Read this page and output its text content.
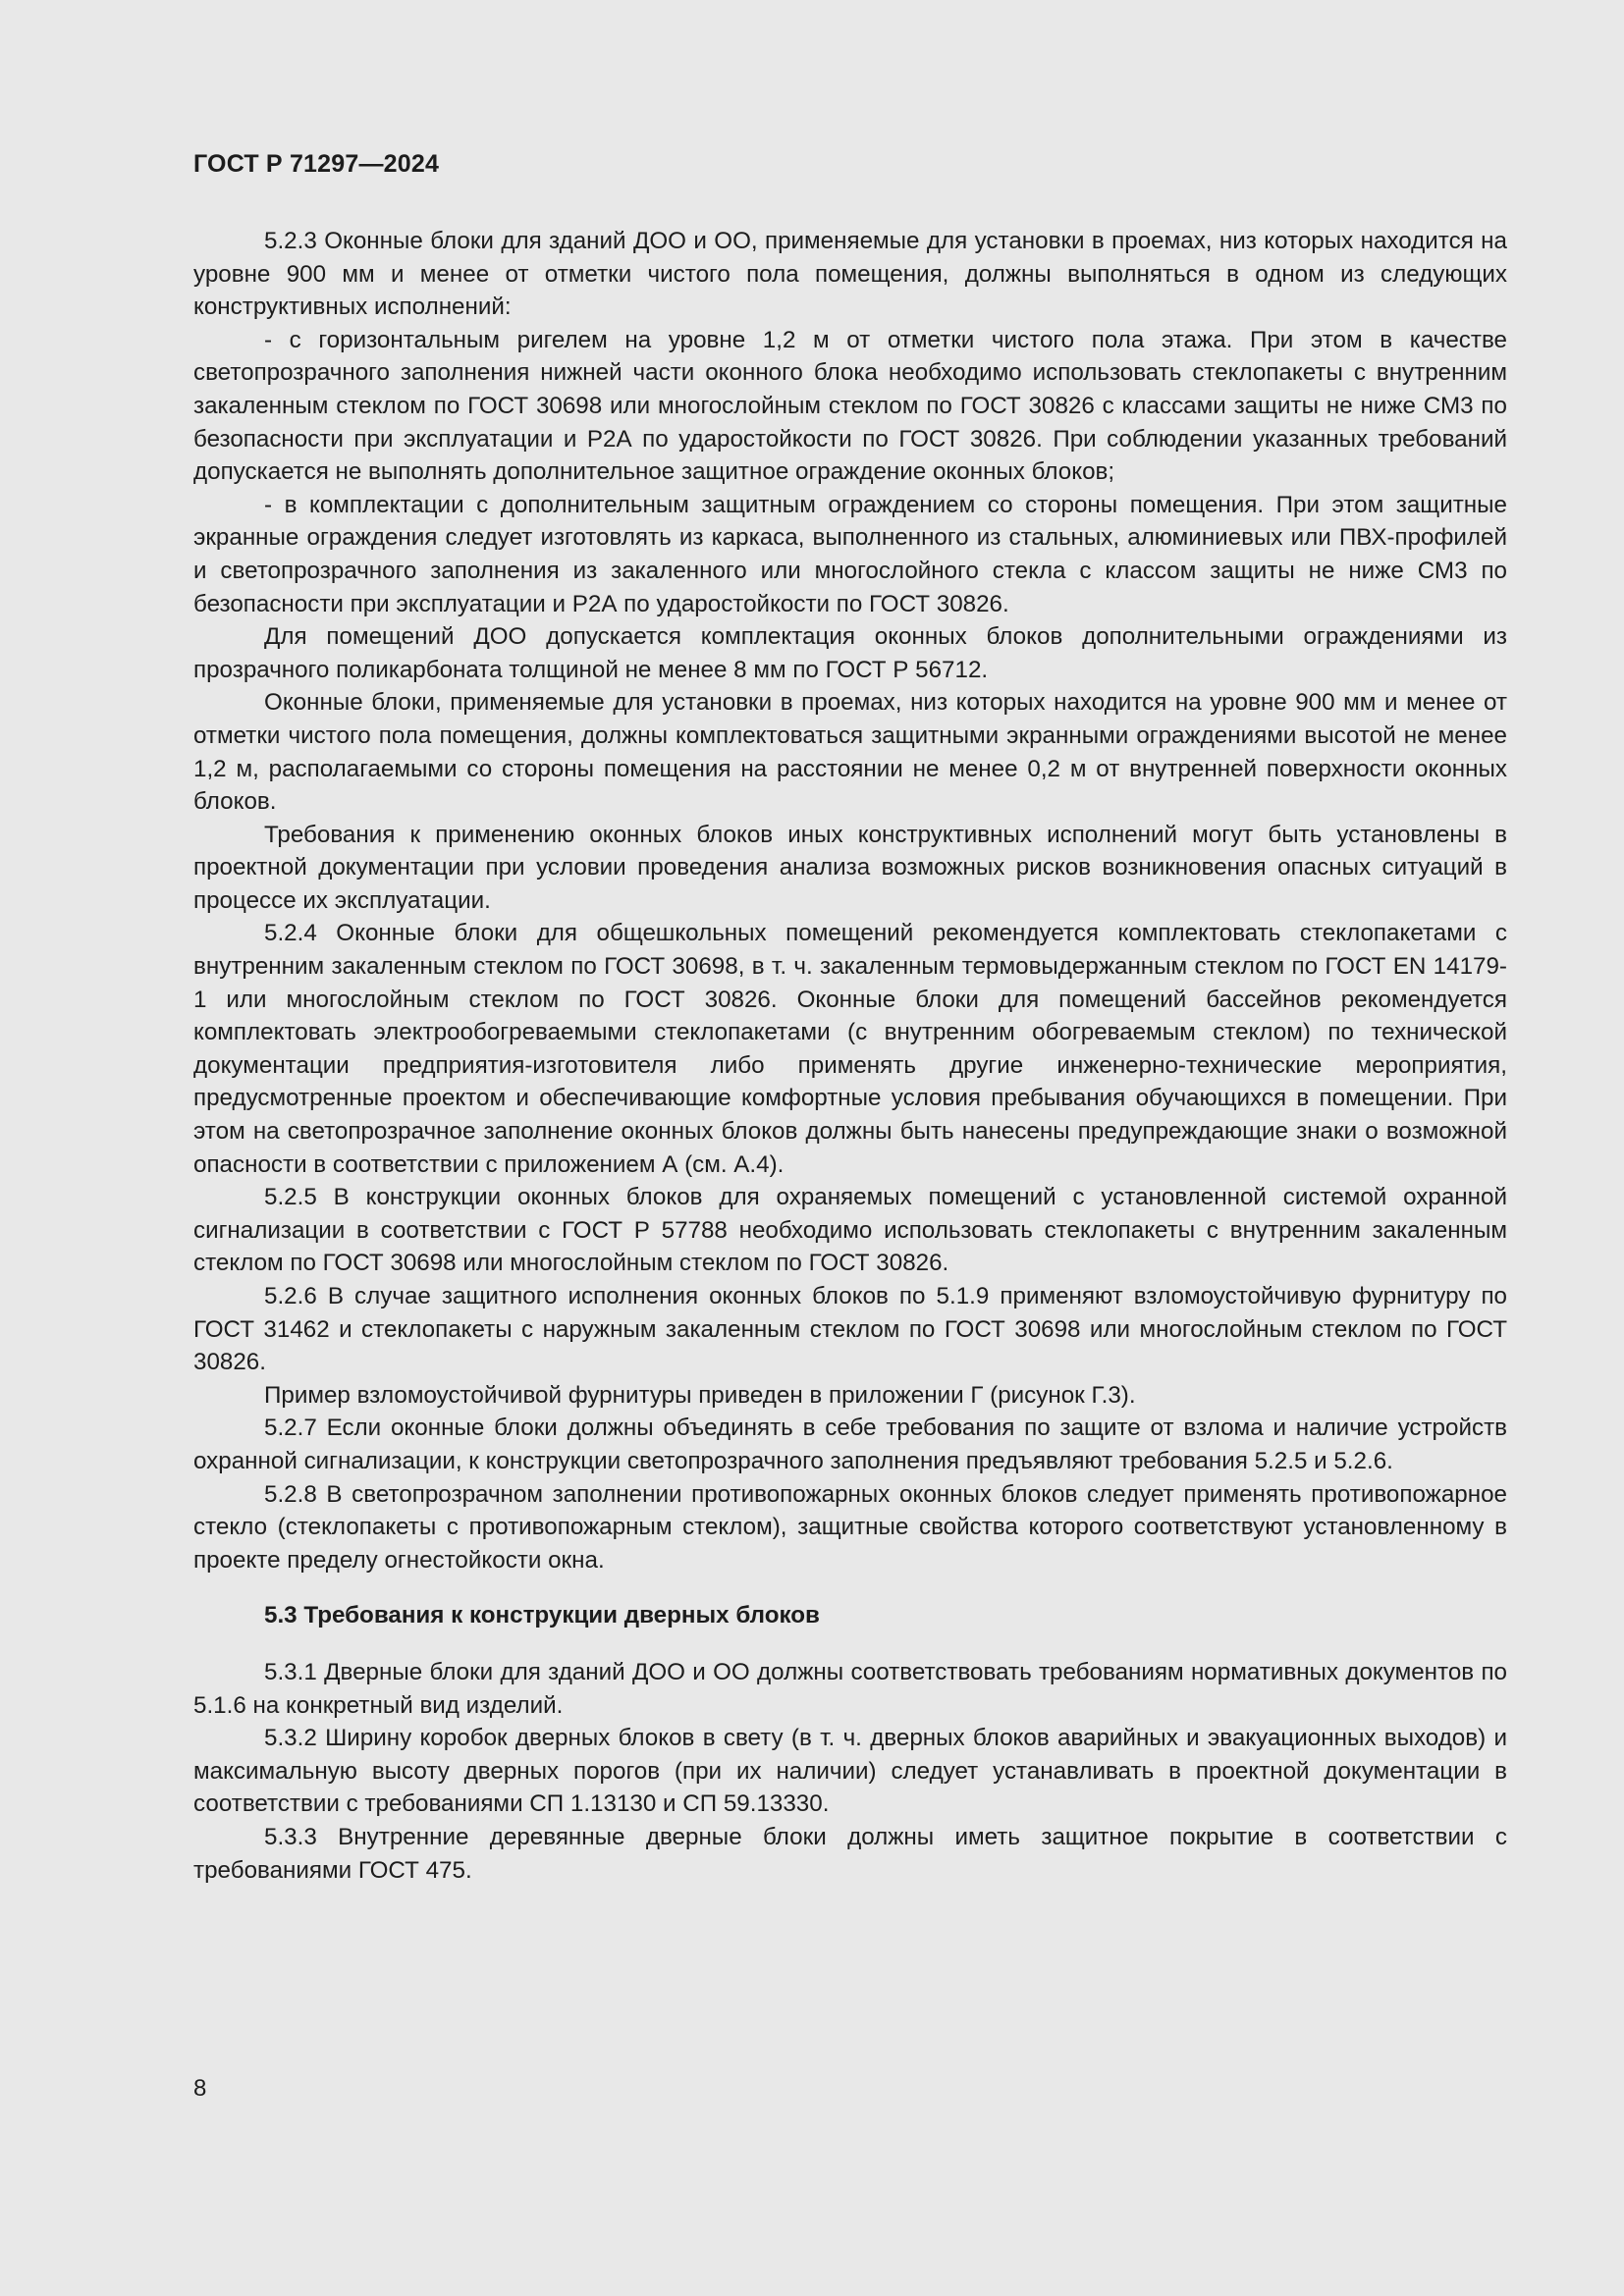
ГОСТ Р 71297—2024

5.2.3 Оконные блоки для зданий ДОО и ОО, применяемые для установки в проемах, низ которых находится на уровне 900 мм и менее от отметки чистого пола помещения, должны выполняться в одном из следующих конструктивных исполнений:

- с горизонтальным ригелем на уровне 1,2 м от отметки чистого пола этажа. При этом в качестве светопрозрачного заполнения нижней части оконного блока необходимо использовать стеклопакеты с внутренним закаленным стеклом по ГОСТ 30698 или многослойным стеклом по ГОСТ 30826 с классами защиты не ниже СМ3 по безопасности при эксплуатации и Р2А по ударостойкости по ГОСТ 30826. При соблюдении указанных требований допускается не выполнять дополнительное защитное ограждение оконных блоков;

- в комплектации с дополнительным защитным ограждением со стороны помещения. При этом защитные экранные ограждения следует изготовлять из каркаса, выполненного из стальных, алюминиевых или ПВХ-профилей и светопрозрачного заполнения из закаленного или многослойного стекла с классом защиты не ниже СМ3 по безопасности при эксплуатации и Р2А по ударостойкости по ГОСТ 30826.

Для помещений ДОО допускается комплектация оконных блоков дополнительными ограждениями из прозрачного поликарбоната толщиной не менее 8 мм по ГОСТ Р 56712.

Оконные блоки, применяемые для установки в проемах, низ которых находится на уровне 900 мм и менее от отметки чистого пола помещения, должны комплектоваться защитными экранными ограждениями высотой не менее 1,2 м, располагаемыми со стороны помещения на расстоянии не менее 0,2 м от внутренней поверхности оконных блоков.

Требования к применению оконных блоков иных конструктивных исполнений могут быть установлены в проектной документации при условии проведения анализа возможных рисков возникновения опасных ситуаций в процессе их эксплуатации.

5.2.4 Оконные блоки для общешкольных помещений рекомендуется комплектовать стеклопакетами с внутренним закаленным стеклом по ГОСТ 30698, в т. ч. закаленным термовыдержанным стеклом по ГОСТ EN 14179-1 или многослойным стеклом по ГОСТ 30826. Оконные блоки для помещений бассейнов рекомендуется комплектовать электрообогреваемыми стеклопакетами (с внутренним обогреваемым стеклом) по технической документации предприятия-изготовителя либо применять другие инженерно-технические мероприятия, предусмотренные проектом и обеспечивающие комфортные условия пребывания обучающихся в помещении. При этом на светопрозрачное заполнение оконных блоков должны быть нанесены предупреждающие знаки о возможной опасности в соответствии с приложением А (см. А.4).

5.2.5 В конструкции оконных блоков для охраняемых помещений с установленной системой охранной сигнализации в соответствии с ГОСТ Р 57788 необходимо использовать стеклопакеты с внутренним закаленным стеклом по ГОСТ 30698 или многослойным стеклом по ГОСТ 30826.

5.2.6 В случае защитного исполнения оконных блоков по 5.1.9 применяют взломоустойчивую фурнитуру по ГОСТ 31462 и стеклопакеты с наружным закаленным стеклом по ГОСТ 30698 или многослойным стеклом по ГОСТ 30826.

Пример взломоустойчивой фурнитуры приведен в приложении Г (рисунок Г.3).

5.2.7 Если оконные блоки должны объединять в себе требования по защите от взлома и наличие устройств охранной сигнализации, к конструкции светопрозрачного заполнения предъявляют требования 5.2.5 и 5.2.6.

5.2.8 В светопрозрачном заполнении противопожарных оконных блоков следует применять противопожарное стекло (стеклопакеты с противопожарным стеклом), защитные свойства которого соответствуют установленному в проекте пределу огнестойкости окна.

5.3 Требования к конструкции дверных блоков

5.3.1 Дверные блоки для зданий ДОО и ОО должны соответствовать требованиям нормативных документов по 5.1.6 на конкретный вид изделий.

5.3.2 Ширину коробок дверных блоков в свету (в т. ч. дверных блоков аварийных и эвакуационных выходов) и максимальную высоту дверных порогов (при их наличии) следует устанавливать в проектной документации в соответствии с требованиями СП 1.13130 и СП 59.13330.

5.3.3 Внутренние деревянные дверные блоки должны иметь защитное покрытие в соответствии с требованиями ГОСТ 475.

8
